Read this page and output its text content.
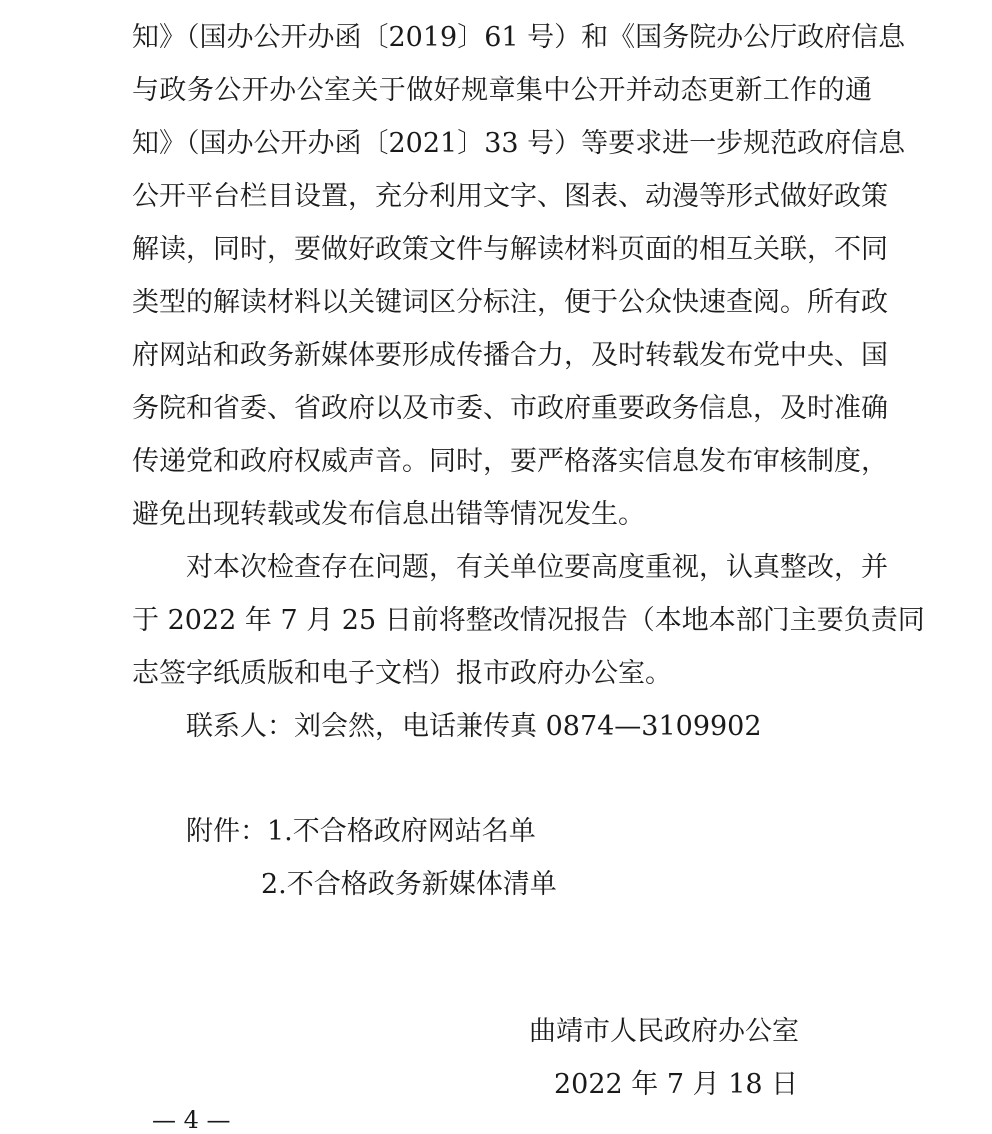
知》（国办公开办函〔2019〕61 号）和《国务院办公厅政府信息
与政务公开办公室关于做好规章集中公开并动态更新工作的通
知》（国办公开办函〔2021〕33 号）等要求进一步规范政府信息
公开平台栏目设置，充分利用文字、图表、动漫等形式做好政策
解读，同时，要做好政策文件与解读材料页面的相互关联，不同
类型的解读材料以关键词区分标注，便于公众快速查阅。所有政
府网站和政务新媒体要形成传播合力，及时转载发布党中央、国
务院和省委、省政府以及市委、市政府重要政务信息，及时准确
传递党和政府权威声音。同时，要严格落实信息发布审核制度，
避免出现转载或发布信息出错等情况发生。
对本次检查存在问题，有关单位要高度重视，认真整改，并
于 2022 年 7 月 25 日前将整改情况报告（本地本部门主要负责同
志签字纸质版和电子文档）报市政府办公室。
联系人：刘会然，电话兼传真 0874—3109902
附件：1.不合格政府网站名单
2.不合格政务新媒体清单
曲靖市人民政府办公室
2022 年 7 月 18 日
— 4 —
